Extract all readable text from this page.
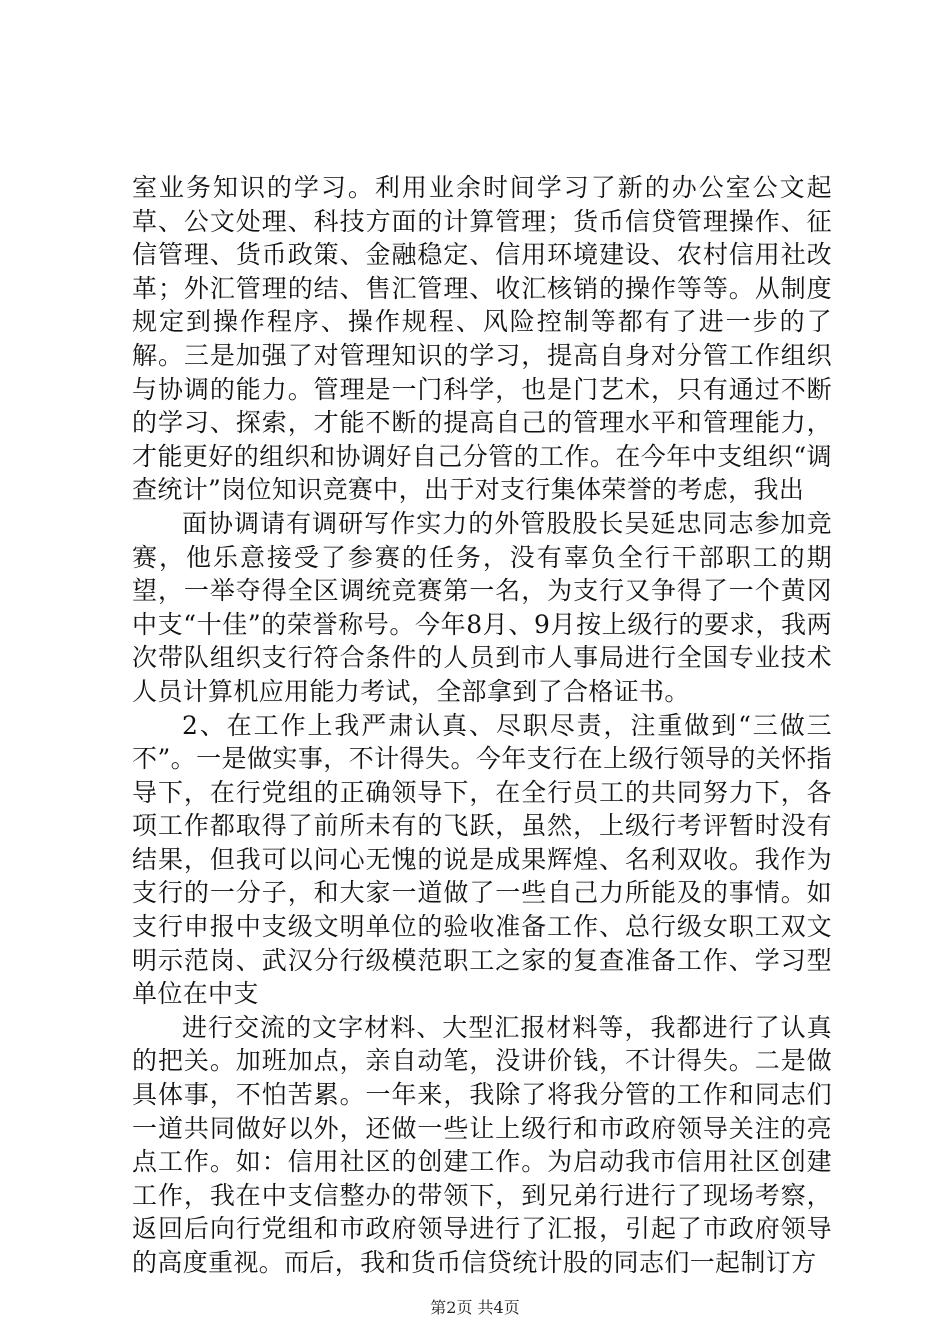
室业务知识的学习。利用业余时间学习了新的办公室公文起草、公文处理、科技方面的计算管理；货币信贷管理操作、征信管理、货币政策、金融稳定、信用环境建设、农村信用社改革；外汇管理的结、售汇管理、收汇核销的操作等等。从制度规定到操作程序、操作规程、风险控制等都有了进一步的了解。三是加强了对管理知识的学习，提高自身对分管工作组织与协调的能力。管理是一门科学，也是门艺术，只有通过不断的学习、探索，才能不断的提高自己的管理水平和管理能力，才能更好的组织和协调好自己分管的工作。在今年中支组织“调查统计”岗位知识竞赛中，出于对支行集体荣誉的考虑，我出

面协调请有调研写作实力的外管股股长吴延忠同志参加竞赛，他乐意接受了参赛的任务，没有辜负全行干部职工的期望，一举夺得全区调统竞赛第一名，为支行又争得了一个黄冈中支“十佳”的荣誉称号。今年8月、9月按上级行的要求，我两次带队组织支行符合条件的人员到市人事局进行全国专业技术人员计算机应用能力考试，全部拿到了合格证书。

2、在工作上我严肃认真、尽职尽责，注重做到“三做三不”。一是做实事，不计得失。今年支行在上级行领导的关怀指导下，在行党组的正确领导下，在全行员工的共同努力下，各项工作都取得了前所未有的飞跃，虽然，上级行考评暂时没有结果，但我可以问心无愧的说是成果辉煌、名利双收。我作为支行的一分子，和大家一道做了一些自己力所能及的事情。如支行申报中支级文明单位的验收准备工作、总行级女职工双文明示范岗、武汉分行级模范职工之家的复查准备工作、学习型单位在中支

进行交流的文字材料、大型汇报材料等，我都进行了认真的把关。加班加点，亲自动笔，没讲价钱，不计得失。二是做具体事，不怕苦累。一年来，我除了将我分管的工作和同志们一道共同做好以外，还做一些让上级行和市政府领导关注的亮点工作。如：信用社区的创建工作。为启动我市信用社区创建工作，我在中支信整办的带领下，到兄弟行进行了现场考察，返回后向行党组和市政府领导进行了汇报，引起了市政府领导的高度重视。而后，我和货币信贷统计股的同志们一起制订方

第2页 共4页
